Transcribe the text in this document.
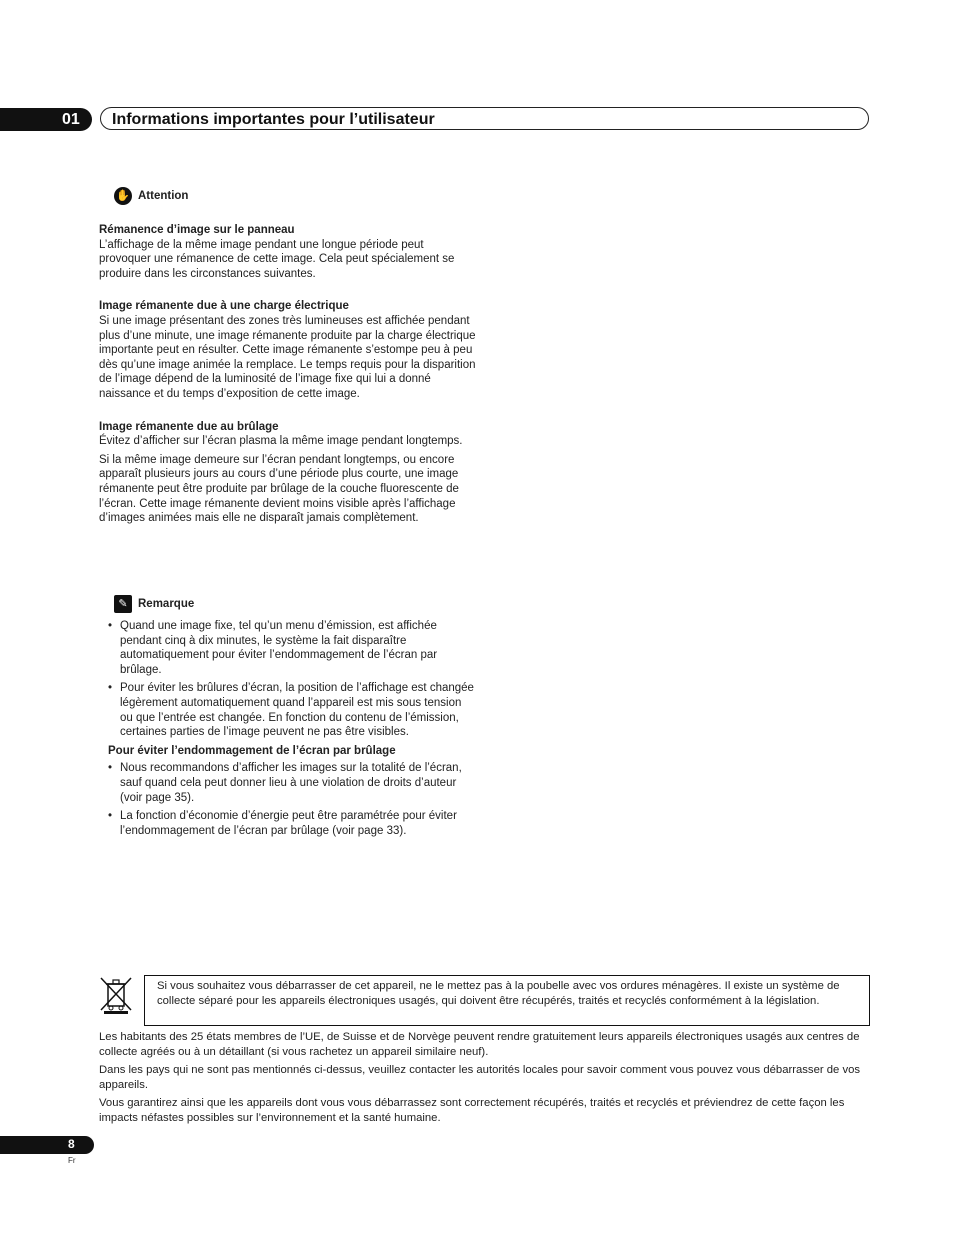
01 Informations importantes pour l’utilisateur
✋ Attention

Rémanence d’image sur le panneau

L’affichage de la même image pendant une longue période peut provoquer une rémanence de cette image. Cela peut spécialement se produire dans les circonstances suivantes.

Image rémanente due à une charge électrique

Si une image présentant des zones très lumineuses est affichée pendant plus d’une minute, une image rémanente produite par la charge électrique importante peut en résulter. Cette image rémanente s’estompe peu à peu dès qu’une image animée la remplace. Le temps requis pour la disparition de l’image dépend de la luminosité de l’image fixe qui lui a donné naissance et du temps d’exposition de cette image.

Image rémanente due au brûlage

Évitez d’afficher sur l’écran plasma la même image pendant longtemps.

Si la même image demeure sur l’écran pendant longtemps, ou encore apparaît plusieurs jours au cours d’une période plus courte, une image rémanente peut être produite par brûlage de la couche fluorescente de l’écran. Cette image rémanente devient moins visible après l’affichage d’images animées mais elle ne disparaît jamais complètement.

✎ Remarque
• Quand une image fixe, tel qu’un menu d’émission, est affichée pendant cinq à dix minutes, le système la fait disparaître automatiquement pour éviter l’endommagement de l’écran par brûlage.
• Pour éviter les brûlures d’écran, la position de l’affichage est changée légèrement automatiquement quand l’appareil est mis sous tension ou que l’entrée est changée. En fonction du contenu de l’émission, certaines parties de l’image peuvent ne pas être visibles.

Pour éviter l’endommagement de l’écran par brûlage

• Nous recommandons d’afficher les images sur la totalité de l’écran, sauf quand cela peut donner lieu à une violation de droits d’auteur (voir page 35).
• La fonction d’économie d’énergie peut être paramétrée pour éviter l’endommagement de l’écran par brûlage (voir page 33).
Si vous souhaitez vous débarrasser de cet appareil, ne le mettez pas à la poubelle avec vos ordures ménagères. Il existe un système de collecte séparé pour les appareils électroniques usagés, qui doivent être récupérés, traités et recyclés conformément à la législation.

Les habitants des 25 états membres de l’UE, de Suisse et de Norvège peuvent rendre gratuitement leurs appareils électroniques usagés aux centres de collecte agréés ou à un détaillant (si vous rachetez un appareil similaire neuf).

Dans les pays qui ne sont pas mentionnés ci-dessus, veuillez contacter les autorités locales pour savoir comment vous pouvez vous débarrasser de vos appareils.

Vous garantirez ainsi que les appareils dont vous vous débarrassez sont correctement récupérés, traités et recyclés et préviendrez de cette façon les impacts néfastes possibles sur l’environnement et la santé humaine.

8
Fr
